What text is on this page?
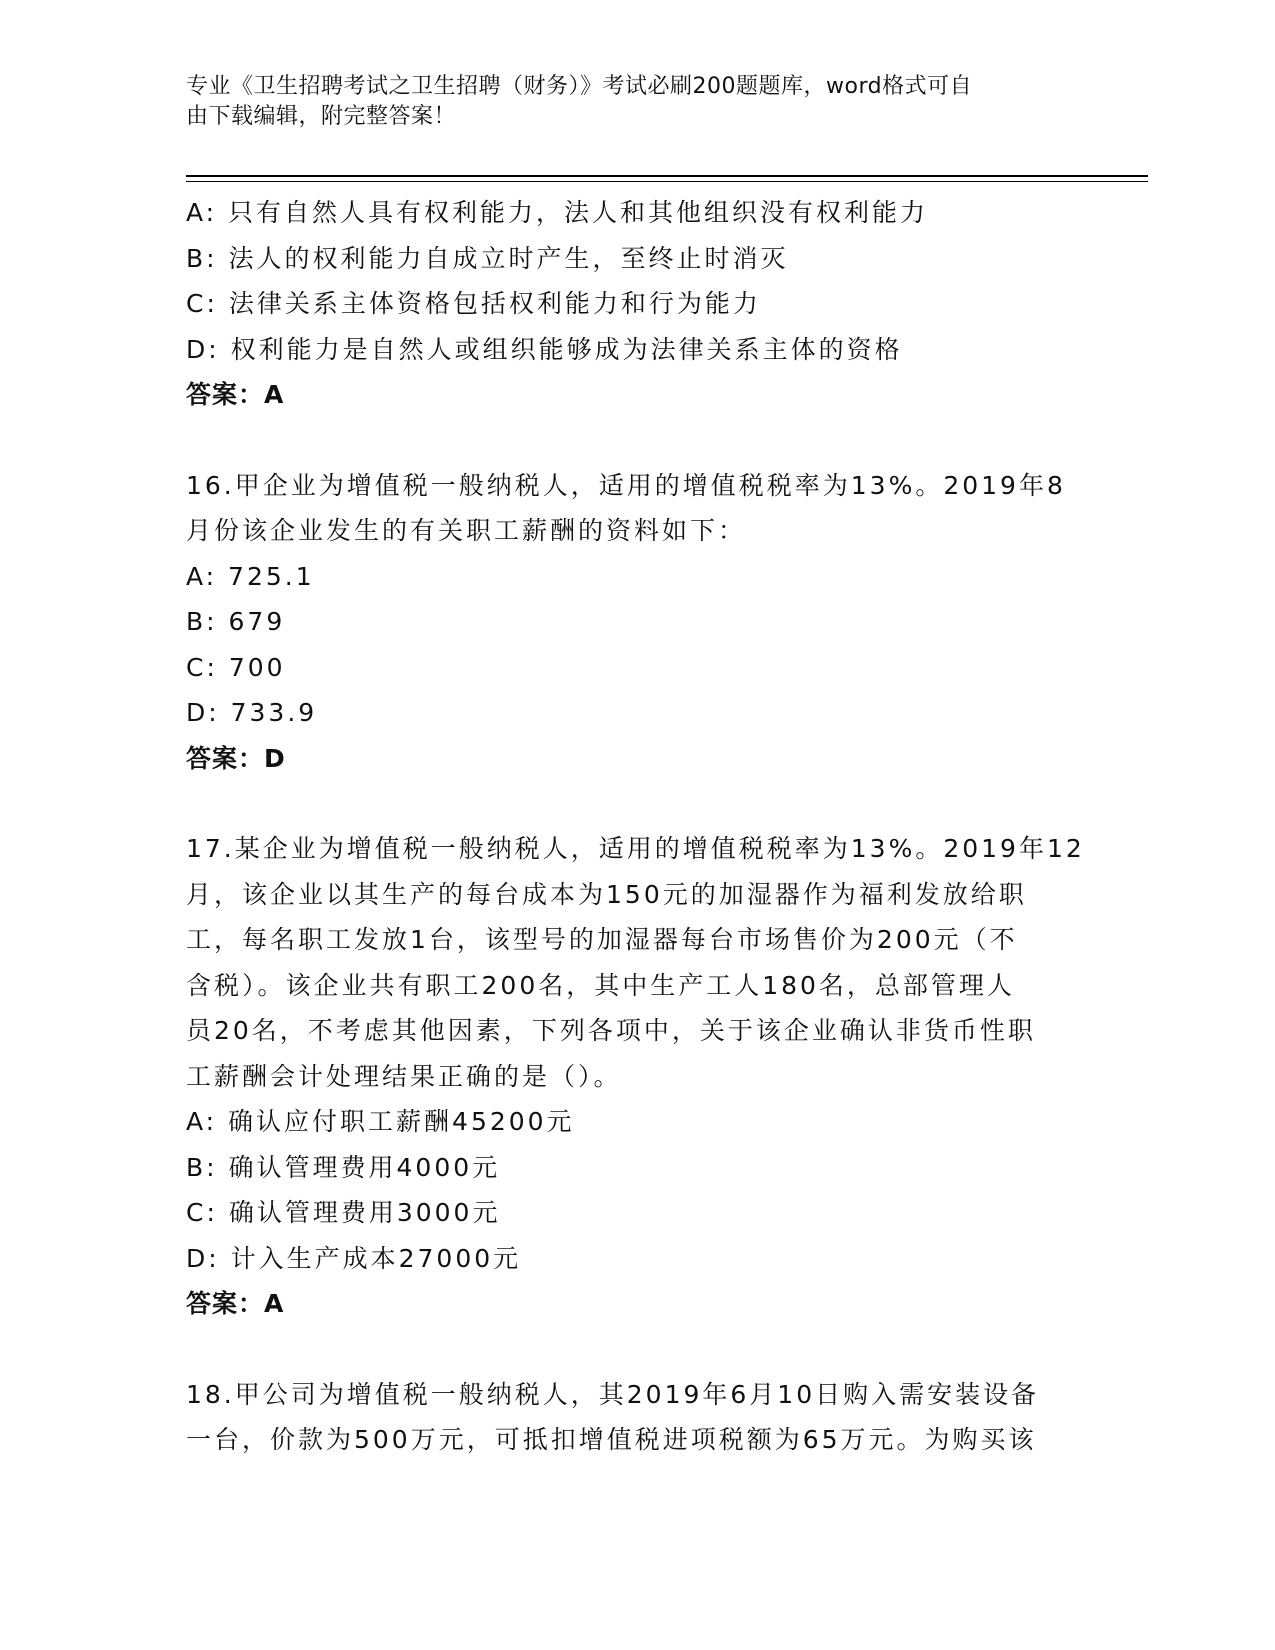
专业《卫生招聘考试之卫生招聘（财务）》考试必刷200题题库，word格式可自
由下载编辑，附完整答案！
A: 只有自然人具有权利能力，法人和其他组织没有权利能力
B: 法人的权利能力自成立时产生，至终止时消灭
C: 法律关系主体资格包括权利能力和行为能力
D: 权利能力是自然人或组织能够成为法律关系主体的资格
答案：A
16.甲企业为增值税一般纳税人，适用的增值税税率为13%。2019年8
月份该企业发生的有关职工薪酬的资料如下：
A: 725.1
B: 679
C: 700
D: 733.9
答案：D
17.某企业为增值税一般纳税人，适用的增值税税率为13%。2019年12
月，该企业以其生产的每台成本为150元的加湿器作为福利发放给职
工，每名职工发放1台，该型号的加湿器每台市场售价为200元（不
含税）。该企业共有职工200名，其中生产工人180名，总部管理人
员20名，不考虑其他因素，下列各项中，关于该企业确认非货币性职
工薪酬会计处理结果正确的是（）。
A: 确认应付职工薪酬45200元
B: 确认管理费用4000元
C: 确认管理费用3000元
D: 计入生产成本27000元
答案：A
18.甲公司为增值税一般纳税人，其2019年6月10日购入需安装设备
一台，价款为500万元，可抵扣增值税进项税额为65万元。为购买该
